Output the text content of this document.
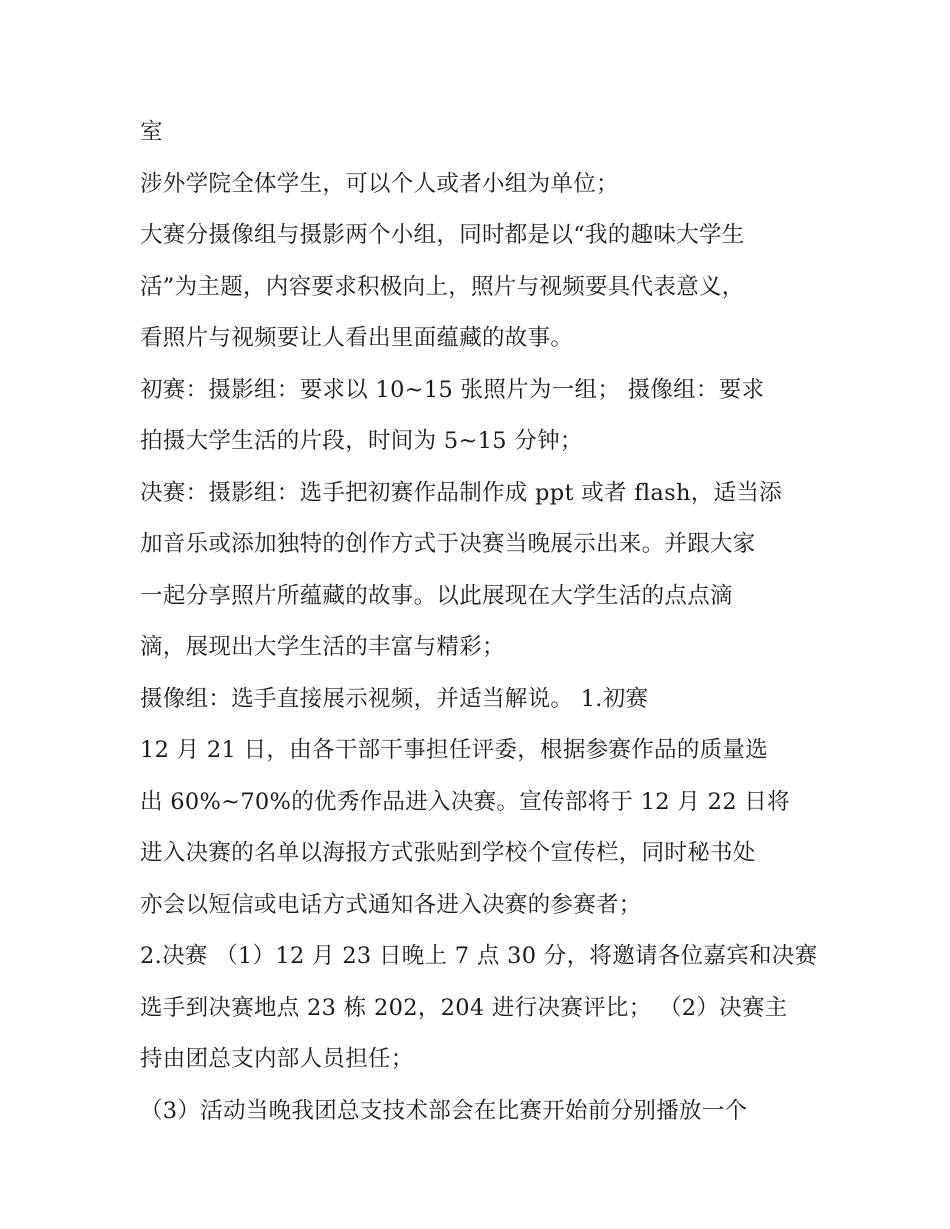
室
涉外学院全体学生，可以个人或者小组为单位；
大赛分摄像组与摄影两个小组，同时都是以“我的趣味大学生
活”为主题，内容要求积极向上，照片与视频要具代表意义，
看照片与视频要让人看出里面蕴藏的故事。
初赛：摄影组：要求以 10~15 张照片为一组； 摄像组：要求
拍摄大学生活的片段，时间为 5~15 分钟；
决赛：摄影组：选手把初赛作品制作成 ppt 或者 flash，适当添
加音乐或添加独特的创作方式于决赛当晚展示出来。并跟大家
一起分享照片所蕴藏的故事。以此展现在大学生活的点点滴
滴，展现出大学生活的丰富与精彩；
摄像组：选手直接展示视频，并适当解说。 1.初赛
12 月 21 日，由各干部干事担任评委，根据参赛作品的质量选
出 60%~70%的优秀作品进入决赛。宣传部将于 12 月 22 日将
进入决赛的名单以海报方式张贴到学校个宣传栏，同时秘书处
亦会以短信或电话方式通知各进入决赛的参赛者；
2.决赛 （1）12 月 23 日晚上 7 点 30 分，将邀请各位嘉宾和决赛
选手到决赛地点 23 栋 202，204 进行决赛评比； （2）决赛主
持由团总支内部人员担任；
（3）活动当晚我团总支技术部会在比赛开始前分别播放一个
